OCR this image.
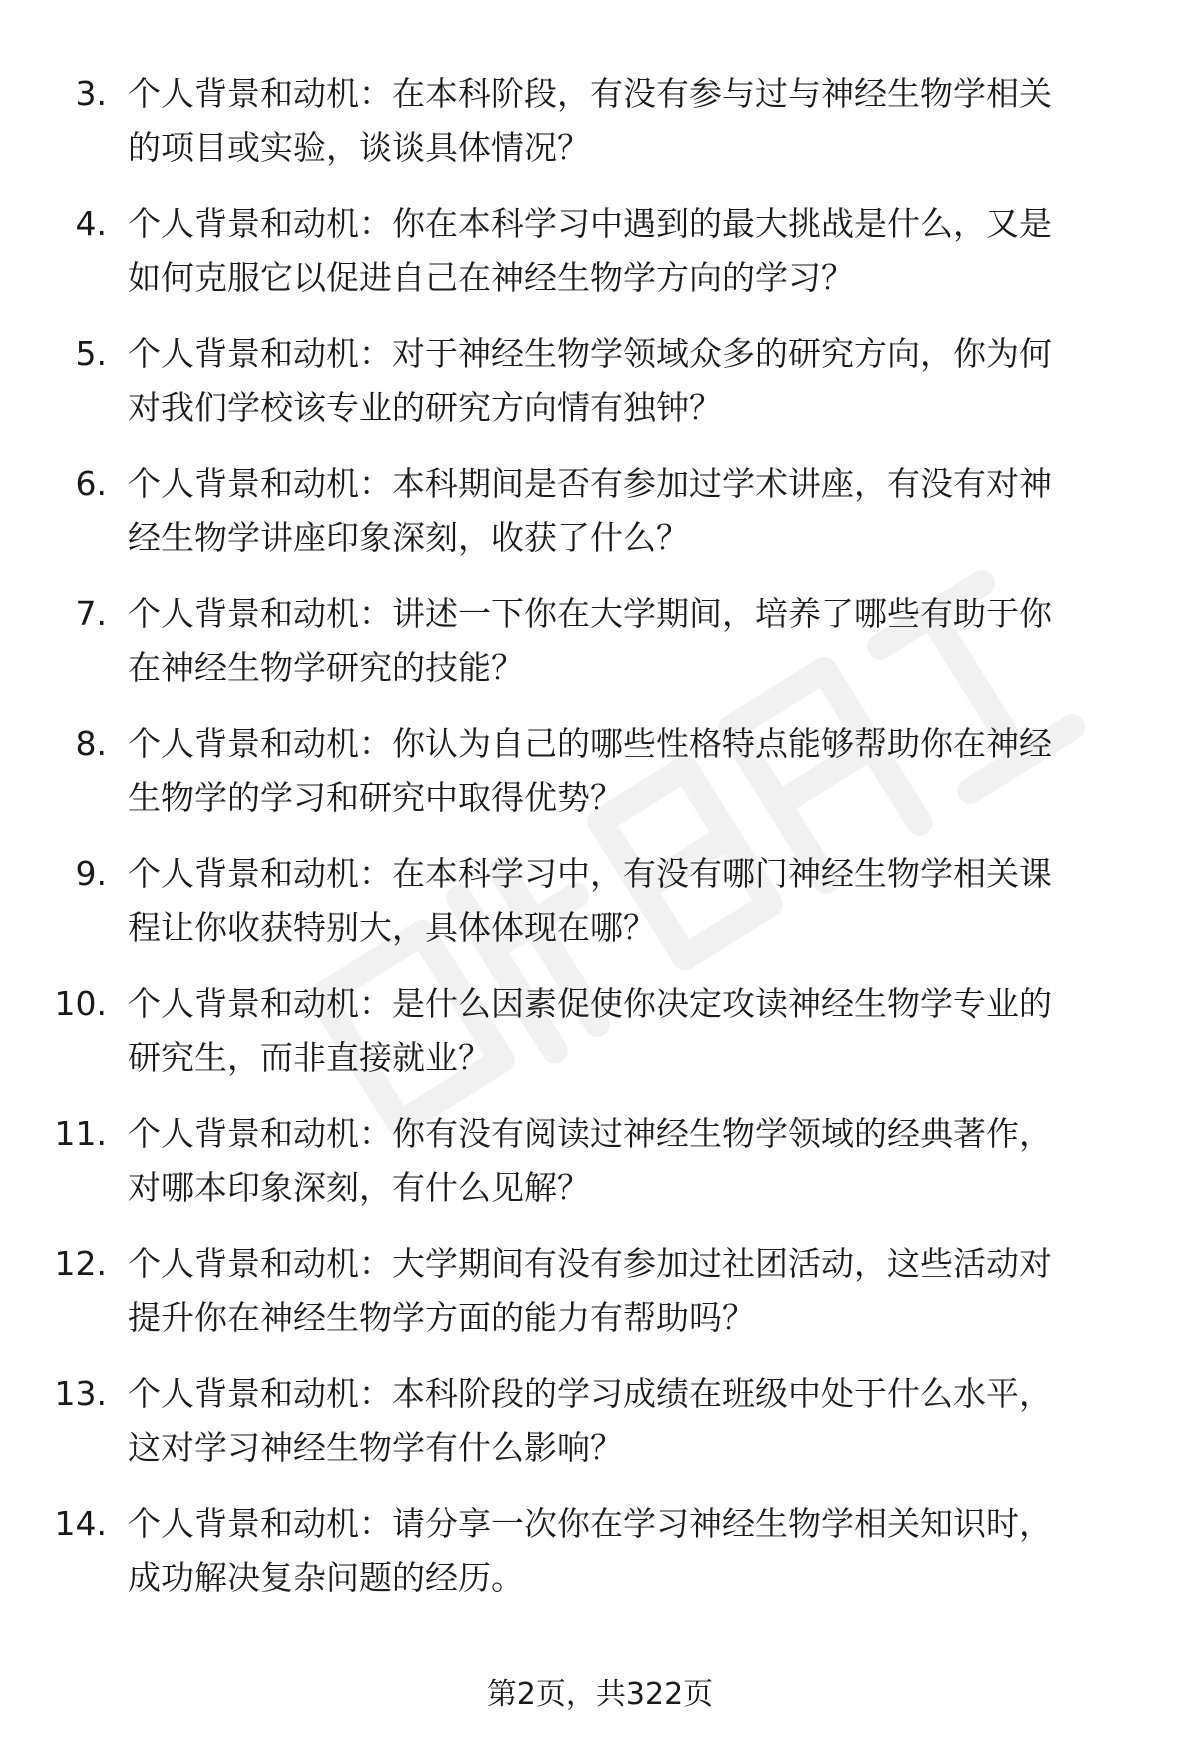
3. 个人背景和动机：在本科阶段，有没有参与过与神经生物学相关
的项目或实验，谈谈具体情况？
4. 个人背景和动机：你在本科学习中遇到的最大挑战是什么，又是
如何克服它以促进自己在神经生物学方向的学习？
5. 个人背景和动机：对于神经生物学领域众多的研究方向，你为何
对我们学校该专业的研究方向情有独钟？
6. 个人背景和动机：本科期间是否有参加过学术讲座，有没有对神
经生物学讲座印象深刻，收获了什么？
7. 个人背景和动机：讲述一下你在大学期间，培养了哪些有助于你
在神经生物学研究的技能？
8. 个人背景和动机：你认为自己的哪些性格特点能够帮助你在神经
生物学的学习和研究中取得优势？
9. 个人背景和动机：在本科学习中，有没有哪门神经生物学相关课
程让你收获特别大，具体体现在哪？
10. 个人背景和动机：是什么因素促使你决定攻读神经生物学专业的
研究生，而非直接就业？
11. 个人背景和动机：你有没有阅读过神经生物学领域的经典著作，
对哪本印象深刻，有什么见解？
12. 个人背景和动机：大学期间有没有参加过社团活动，这些活动对
提升你在神经生物学方面的能力有帮助吗？
13. 个人背景和动机：本科阶段的学习成绩在班级中处于什么水平，
这对学习神经生物学有什么影响？
14. 个人背景和动机：请分享一次你在学习神经生物学相关知识时，
成功解决复杂问题的经历。
第2页，共322页
